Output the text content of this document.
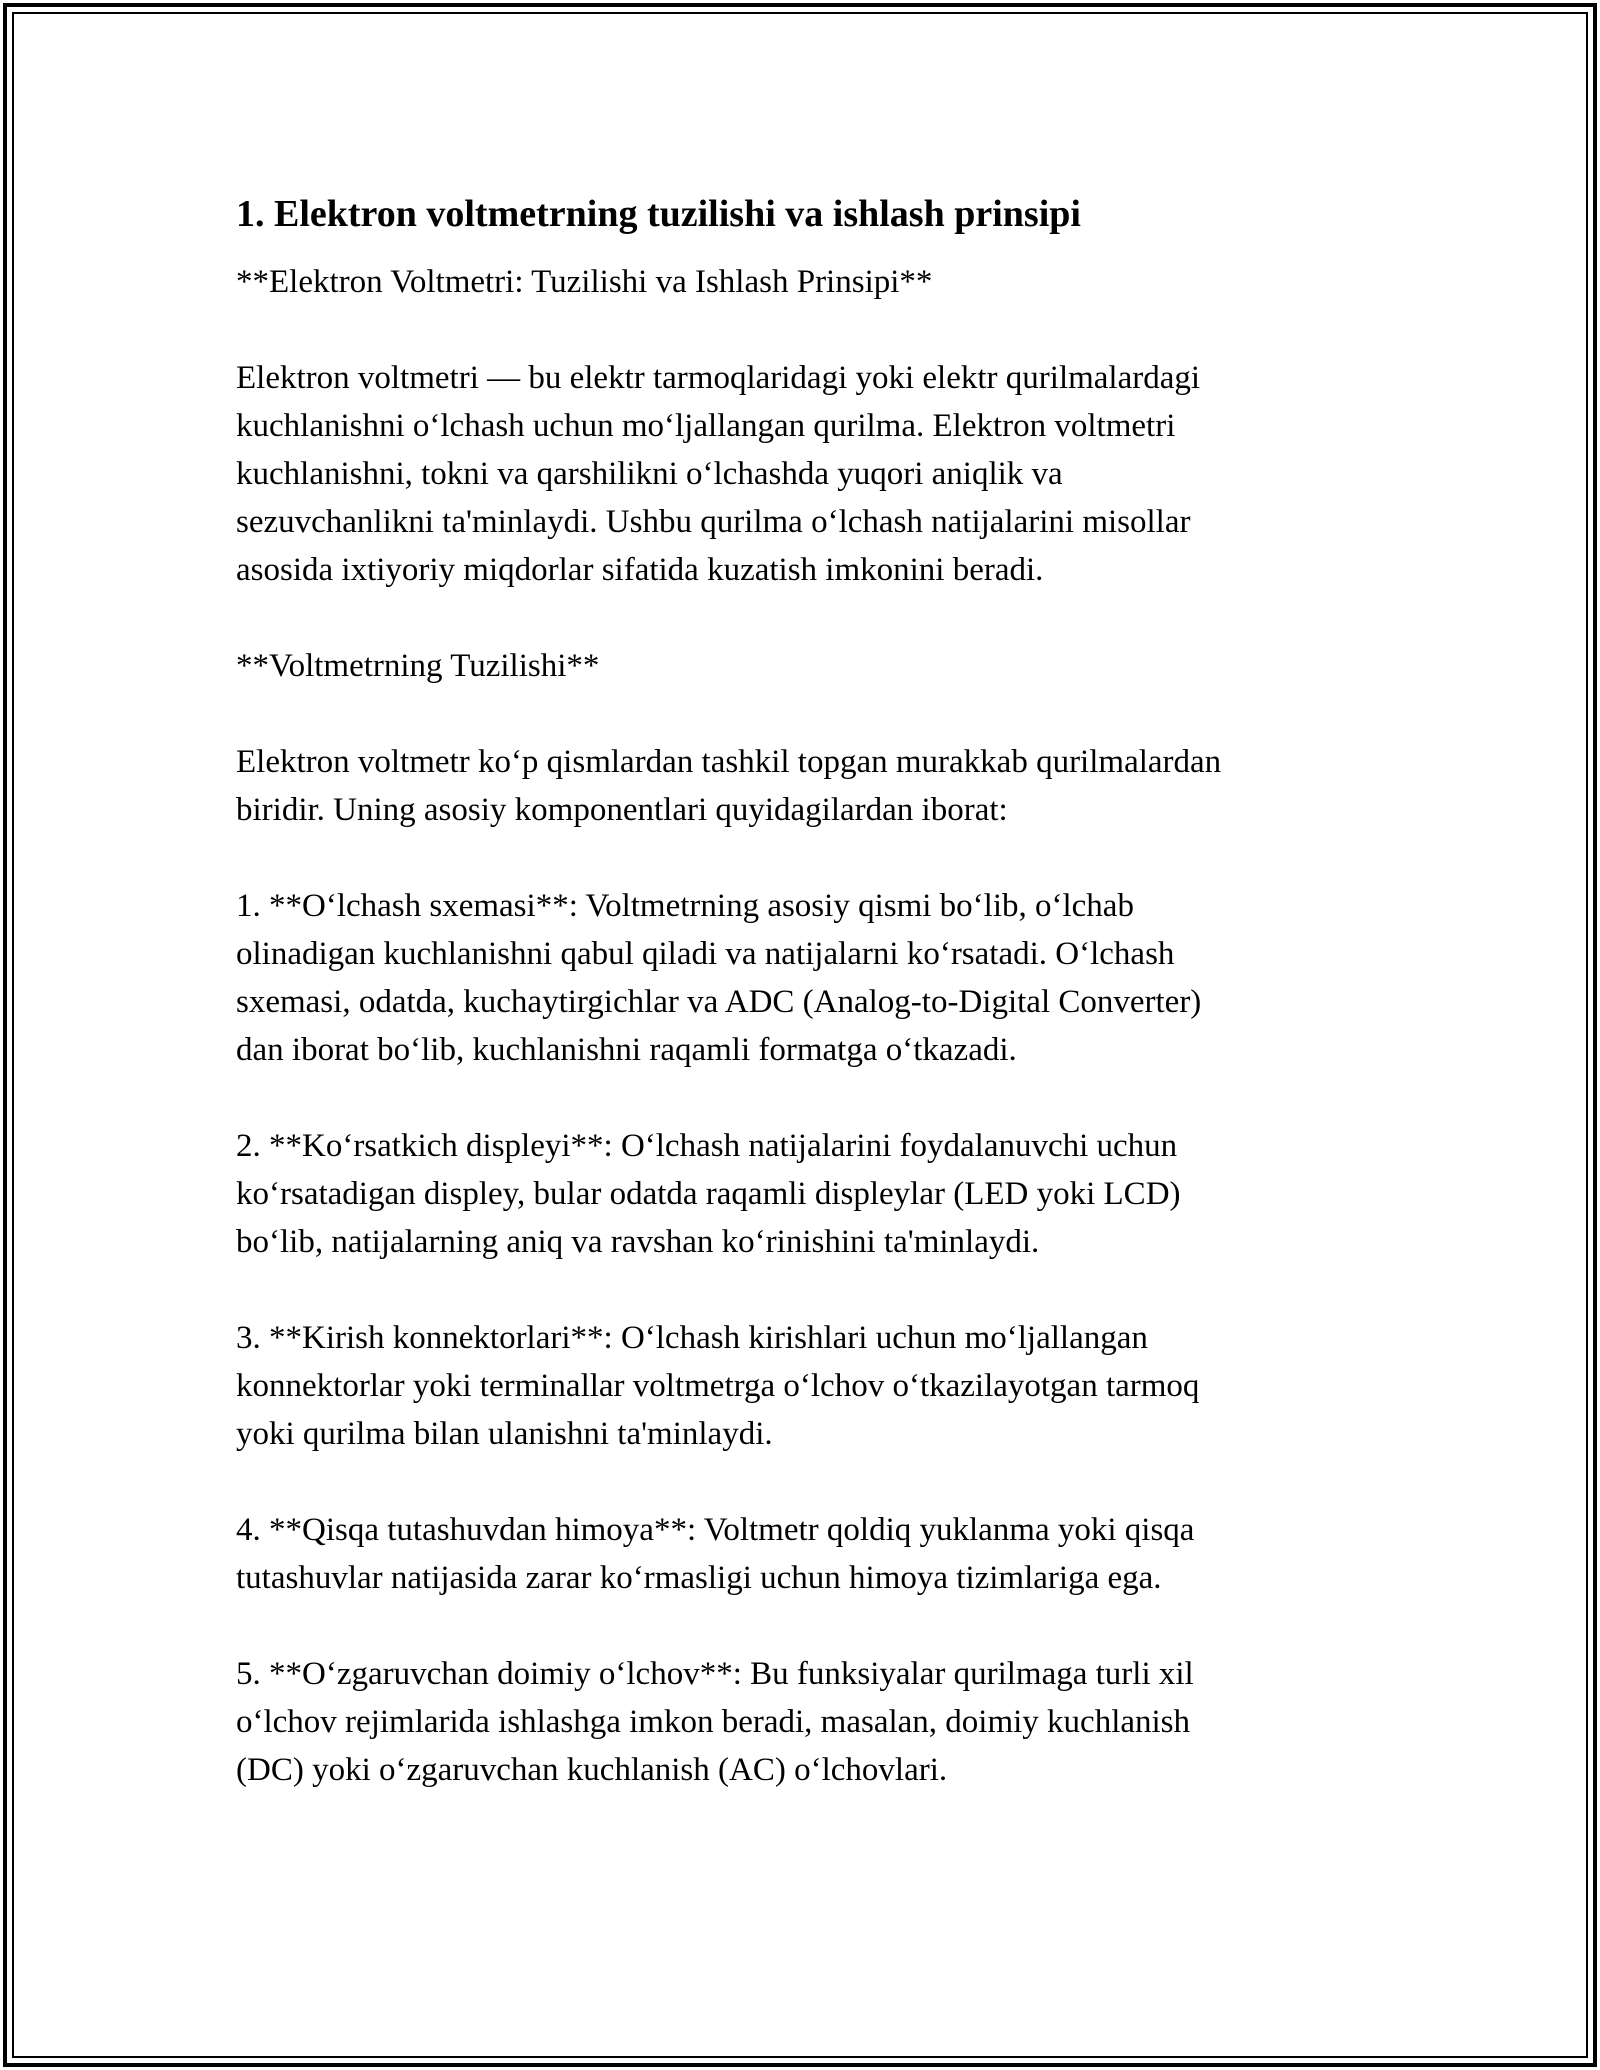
1. Elektron voltmetrning tuzilishi va ishlash prinsipi
**Elektron Voltmetri: Tuzilishi va Ishlash Prinsipi**

Elektron voltmetri — bu elektr tarmoqlaridagi yoki elektr qurilmalardagi
kuchlanishni o‘lchash uchun mo‘ljallangan qurilma. Elektron voltmetri
kuchlanishni, tokni va qarshilikni o‘lchashda yuqori aniqlik va
sezuvchanlikni ta'minlaydi. Ushbu qurilma o‘lchash natijalarini misollar
asosida ixtiyoriy miqdorlar sifatida kuzatish imkonini beradi.

**Voltmetrning Tuzilishi**

Elektron voltmetr ko‘p qismlardan tashkil topgan murakkab qurilmalardan
biridir. Uning asosiy komponentlari quyidagilardan iborat:

1. **O‘lchash sxemasi**: Voltmetrning asosiy qismi bo‘lib, o‘lchab
olinadigan kuchlanishni qabul qiladi va natijalarni ko‘rsatadi. O‘lchash
sxemasi, odatda, kuchaytirgichlar va ADC (Analog-to-Digital Converter)
dan iborat bo‘lib, kuchlanishni raqamli formatga o‘tkazadi.

2. **Ko‘rsatkich displeyi**: O‘lchash natijalarini foydalanuvchi uchun
ko‘rsatadigan displey, bular odatda raqamli displeylar (LED yoki LCD)
bo‘lib, natijalarning aniq va ravshan ko‘rinishini ta'minlaydi.

3. **Kirish konnektorlari**: O‘lchash kirishlari uchun mo‘ljallangan
konnektorlar yoki terminallar voltmetrga o‘lchov o‘tkazilayotgan tarmoq
yoki qurilma bilan ulanishni ta'minlaydi.

4. **Qisqa tutashuvdan himoya**: Voltmetr qoldiq yuklanma yoki qisqa
tutashuvlar natijasida zarar ko‘rmasligi uchun himoya tizimlariga ega.

5. **O‘zgaruvchan doimiy o‘lchov**: Bu funksiyalar qurilmaga turli xil
o‘lchov rejimlarida ishlashga imkon beradi, masalan, doimiy kuchlanish
(DC) yoki o‘zgaruvchan kuchlanish (AC) o‘lchovlari.
